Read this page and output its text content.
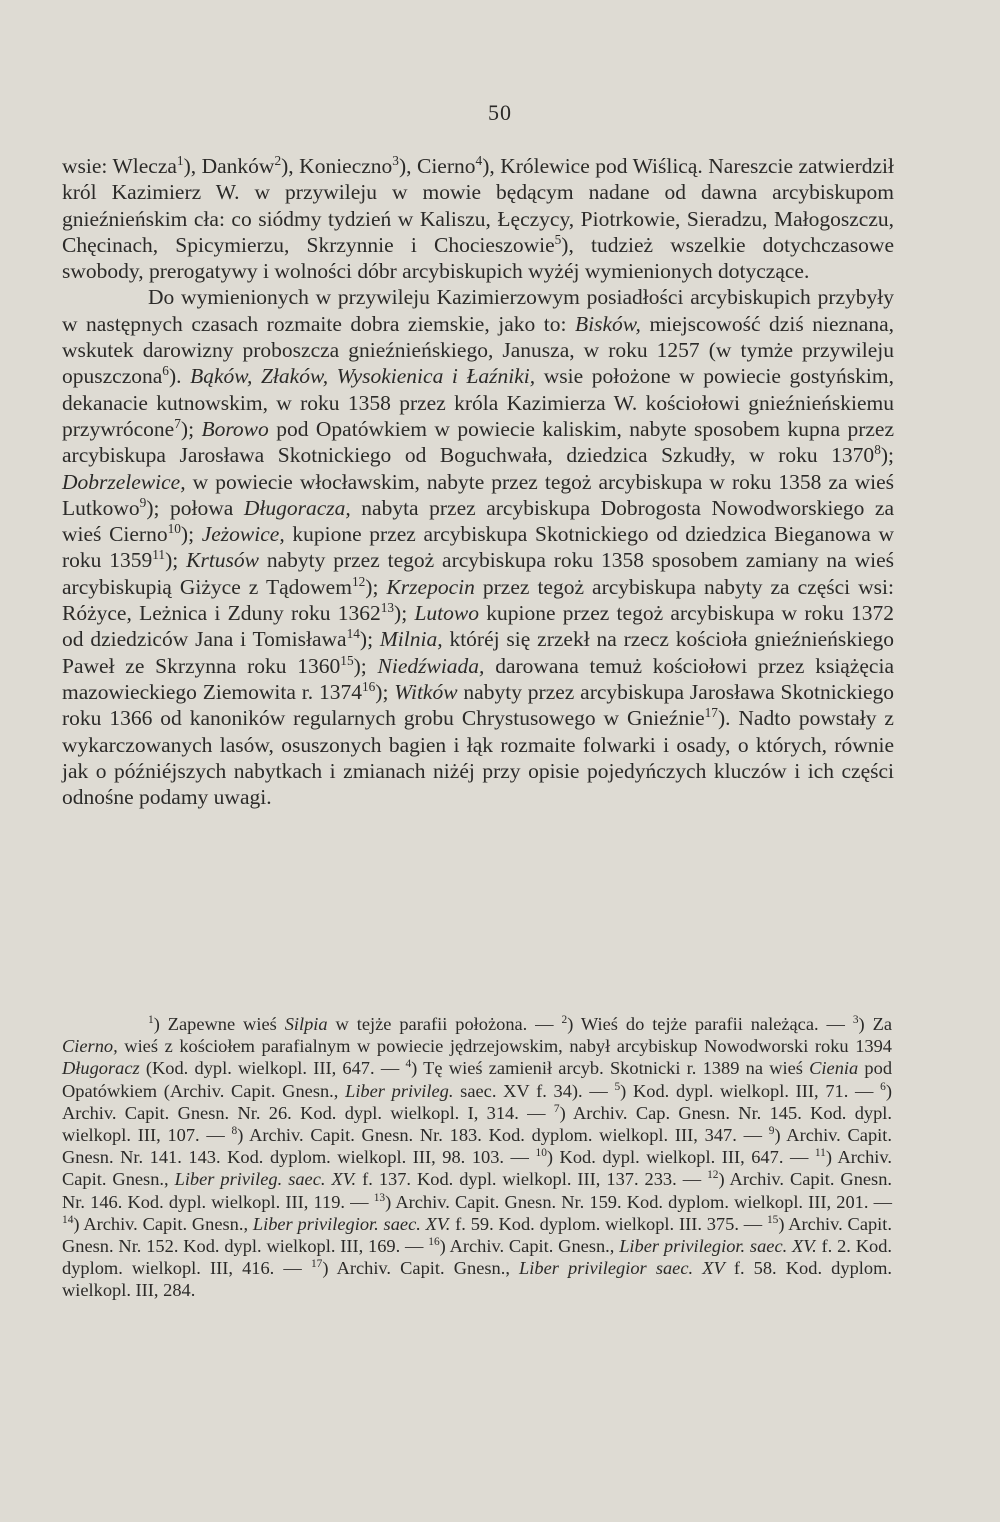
50

wsie: Wlecza$^1$), Danków$^2$), Konieczno$^3$), Cierno$^4$), Królewice pod Wiślicą. Nareszcie zatwierdził król Kazimierz W. w przywileju w mowie będącym nadane od dawna arcybiskupom gnieźnieńskim cła: co siódmy tydzień w Kaliszu, Łęczycy, Piotrkowie, Sieradzu, Małogoszczu, Chęcinach, Spicymierzu, Skrzynnie i Chocieszowie$^5$), tudzież wszelkie dotychczasowe swobody, prerogatywy i wolności dóbr arcybiskupich wyżéj wymienionych dotyczące.

Do wymienionych w przywileju Kazimierzowym posiadłości arcybiskupich przybyły w następnych czasach rozmaite dobra ziemskie, jako to: Bisków, miejscowość dziś nieznana, wskutek darowizny proboszcza gnieźnieńskiego, Janusza, w roku 1257 (w tymże przywileju opuszczona$^6$). Bąków, Złaków, Wysokienica i Łaźniki, wsie położone w powiecie gostyńskim, dekanacie kutnowskim, w roku 1358 przez króla Kazimierza W. kościołowi gnieźnieńskiemu przywrócone$^7$); Borowo pod Opatówkiem w powiecie kaliskim, nabyte sposobem kupna przez arcybiskupa Jarosława Skotnickiego od Boguchwała, dziedzica Szkudły, w roku 1370$^8$); Dobrzelewice, w powiecie włocławskim, nabyte przez tegoż arcybiskupa w roku 1358 za wieś Lutkowo$^9$); połowa Długoracza, nabyta przez arcybiskupa Dobrogosta Nowodworskiego za wieś Cierno$^{10}$); Jeżowice, kupione przez arcybiskupa Skotnickiego od dziedzica Bieganowa w roku 1359$^{11}$); Krtusów nabyty przez tegoż arcybiskupa roku 1358 sposobem zamiany na wieś arcybiskupią Giżyce z Tądowem$^{12}$); Krzepocin przez tegoż arcybiskupa nabyty za części wsi: Różyce, Leżnica i Zduny roku 1362$^{13}$); Lutowo kupione przez tegoż arcybiskupa w roku 1372 od dziedziców Jana i Tomisława$^{14}$); Milnia, któréj się zrzekł na rzecz kościoła gnieźnieńskiego Paweł ze Skrzynna roku 1360$^{15}$); Niedźwiada, darowana temuż kościołowi przez książęcia mazowieckiego Ziemowita r. 1374$^{16}$); Witków nabyty przez arcybiskupa Jarosława Skotnickiego roku 1366 od kanoników regularnych grobu Chrystusowego w Gnieźnie$^{17}$). Nadto powstały z wykarczowanych lasów, osuszonych bagien i łąk rozmaite folwarki i osady, o których, równie jak o późniéjszych nabytkach i zmianach niżéj przy opisie pojedyńczych kluczów i ich części odnośne podamy uwagi.

$^1$) Zapewne wieś Silpia w tejże parafii położona. — $^2$) Wieś do tejże parafii należąca. — $^3$) Za Cierno, wieś z kościołem parafialnym w powiecie jędrzejowskim, nabył arcybiskup Nowodworski roku 1394 Długoracz (Kod. dypl. wielkopl. III, 647. — $^4$) Tę wieś zamienił arcyb. Skotnicki r. 1389 na wieś Cienia pod Opatówkiem (Archiv. Capit. Gnesn., Liber privileg. saec. XV f. 34). — $^5$) Kod. dypl. wielkopl. III, 71. — $^6$) Archiv. Capit. Gnesn. Nr. 26. Kod. dypl. wielkopl. I, 314. — $^7$) Archiv. Cap. Gnesn. Nr. 145. Kod. dypl. wielkopl. III, 107. — $^8$) Archiv. Capit. Gnesn. Nr. 183. Kod. dyplom. wielkopl. III, 347. — $^9$) Archiv. Capit. Gnesn. Nr. 141. 143. Kod. dyplom. wielkopl. III, 98. 103. — $^{10}$) Kod. dypl. wielkopl. III, 647. — $^{11}$) Archiv. Capit. Gnesn., Liber privileg. saec. XV. f. 137. Kod. dypl. wielkopl. III, 137. 233. — $^{12}$) Archiv. Capit. Gnesn. Nr. 146. Kod. dypl. wielkopl. III, 119. — $^{13}$) Archiv. Capit. Gnesn. Nr. 159. Kod. dyplom. wielkopl. III, 201. — $^{14}$) Archiv. Capit. Gnesn., Liber privilegior. saec. XV. f. 59. Kod. dyplom. wielkopl. III. 375. — $^{15}$) Archiv. Capit. Gnesn. Nr. 152. Kod. dypl. wielkopl. III, 169. — $^{16}$) Archiv. Capit. Gnesn., Liber privilegior. saec. XV. f. 2. Kod. dyplom. wielkopl. III, 416. — $^{17}$) Archiv. Capit. Gnesn., Liber privilegior saec. XV f. 58. Kod. dyplom. wielkopl. III, 284.
